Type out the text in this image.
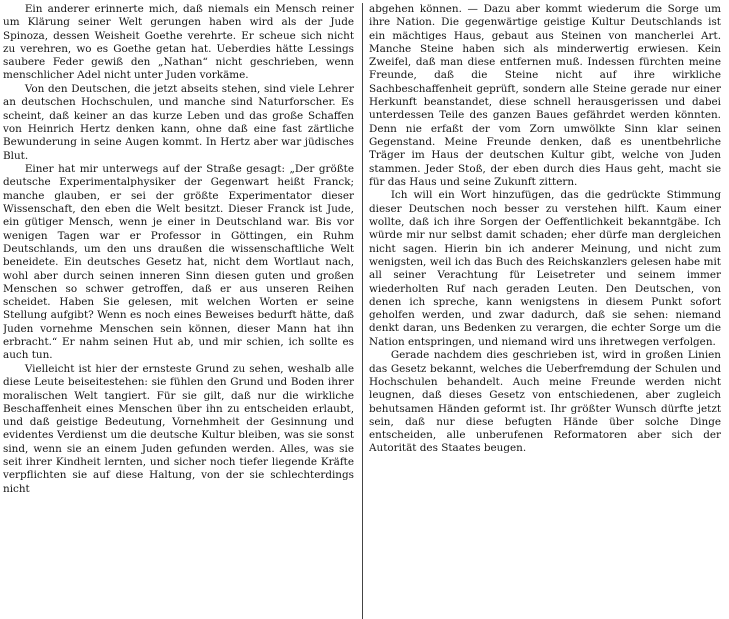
Ein anderer erinnerte mich, daß niemals ein Mensch reiner um Klärung seiner Welt gerungen haben wird als der Jude Spinoza, dessen Weisheit Goethe verehrte. Er scheue sich nicht zu verehren, wo es Goethe getan hat. Ueberdies hätte Lessings saubere Feder gewiß den „Nathan“ nicht geschrieben, wenn menschlicher Adel nicht unter Juden vorkäme.

Von den Deutschen, die jetzt abseits stehen, sind viele Lehrer an deutschen Hochschulen, und manche sind Naturforscher. Es scheint, daß keiner an das kurze Leben und das große Schaffen von Heinrich Hertz denken kann, ohne daß eine fast zärtliche Bewunderung in seine Augen kommt. In Hertz aber war jüdisches Blut.

Einer hat mir unterwegs auf der Straße gesagt: „Der größte deutsche Experimentalphysiker der Gegenwart heißt Franck; manche glauben, er sei der größte Experimentator dieser Wissenschaft, den eben die Welt besitzt. Dieser Franck ist Jude, ein gütiger Mensch, wenn je einer in Deutschland war. Bis vor wenigen Tagen war er Professor in Göttingen, ein Ruhm Deutschlands, um den uns draußen die wissenschaftliche Welt beneidete. Ein deutsches Gesetz hat, nicht dem Wortlaut nach, wohl aber durch seinen inneren Sinn diesen guten und großen Menschen so schwer getroffen, daß er aus unseren Reihen scheidet. Haben Sie gelesen, mit welchen Worten er seine Stellung aufgibt? Wenn es noch eines Beweises bedurft hätte, daß Juden vornehme Menschen sein können, dieser Mann hat ihn erbracht.“ Er nahm seinen Hut ab, und mir schien, ich sollte es auch tun.

Vielleicht ist hier der ernsteste Grund zu sehen, weshalb alle diese Leute beiseitestehen: sie fühlen den Grund und Boden ihrer moralischen Welt tangiert. Für sie gilt, daß nur die wirkliche Beschaffenheit eines Menschen über ihn zu entscheiden erlaubt, und daß geistige Bedeutung, Vornehmheit der Gesinnung und evidentes Verdienst um die deutsche Kultur bleiben, was sie sonst sind, wenn sie an einem Juden gefunden werden. Alles, was sie seit ihrer Kindheit lernten, und sicher noch tiefer liegende Kräfte verpflichten sie auf diese Haltung, von der sie schlechterdings nicht

abgehen können. — Dazu aber kommt wiederum die Sorge um ihre Nation. Die gegenwärtige geistige Kultur Deutschlands ist ein mächtiges Haus, gebaut aus Steinen von mancherlei Art. Manche Steine haben sich als minderwertig erwiesen. Kein Zweifel, daß man diese entfernen muß. Indessen fürchten meine Freunde, daß die Steine nicht auf ihre wirkliche Sachbeschaffenheit geprüft, sondern alle Steine gerade nur einer Herkunft beanstandet, diese schnell herausgerissen und dabei unterdessen Teile des ganzen Baues gefährdet werden könnten. Denn nie erfaßt der vom Zorn umwölkte Sinn klar seinen Gegenstand. Meine Freunde denken, daß es unentbehrliche Träger im Haus der deutschen Kultur gibt, welche von Juden stammen. Jeder Stoß, der eben durch dies Haus geht, macht sie für das Haus und seine Zukunft zittern.

Ich will ein Wort hinzufügen, das die gedrückte Stimmung dieser Deutschen noch besser zu verstehen hilft. Kaum einer wollte, daß ich ihre Sorgen der Oeffentlichkeit bekanntgäbe. Ich würde mir nur selbst damit schaden; eher dürfe man dergleichen nicht sagen. Hierin bin ich anderer Meinung, und nicht zum wenigsten, weil ich das Buch des Reichskanzlers gelesen habe mit all seiner Verachtung für Leisetreter und seinem immer wiederholten Ruf nach geraden Leuten. Den Deutschen, von denen ich spreche, kann wenigstens in diesem Punkt sofort geholfen werden, und zwar dadurch, daß sie sehen: niemand denkt daran, uns Bedenken zu verargen, die echter Sorge um die Nation entspringen, und niemand wird uns ihretwegen verfolgen.

Gerade nachdem dies geschrieben ist, wird in großen Linien das Gesetz bekannt, welches die Ueberfremdung der Schulen und Hochschulen behandelt. Auch meine Freunde werden nicht leugnen, daß dieses Gesetz von entschiedenen, aber zugleich behutsamen Händen geformt ist. Ihr größter Wunsch dürfte jetzt sein, daß nur diese befugten Hände über solche Dinge entscheiden, alle unberufenen Reformatoren aber sich der Autorität des Staates beugen.
